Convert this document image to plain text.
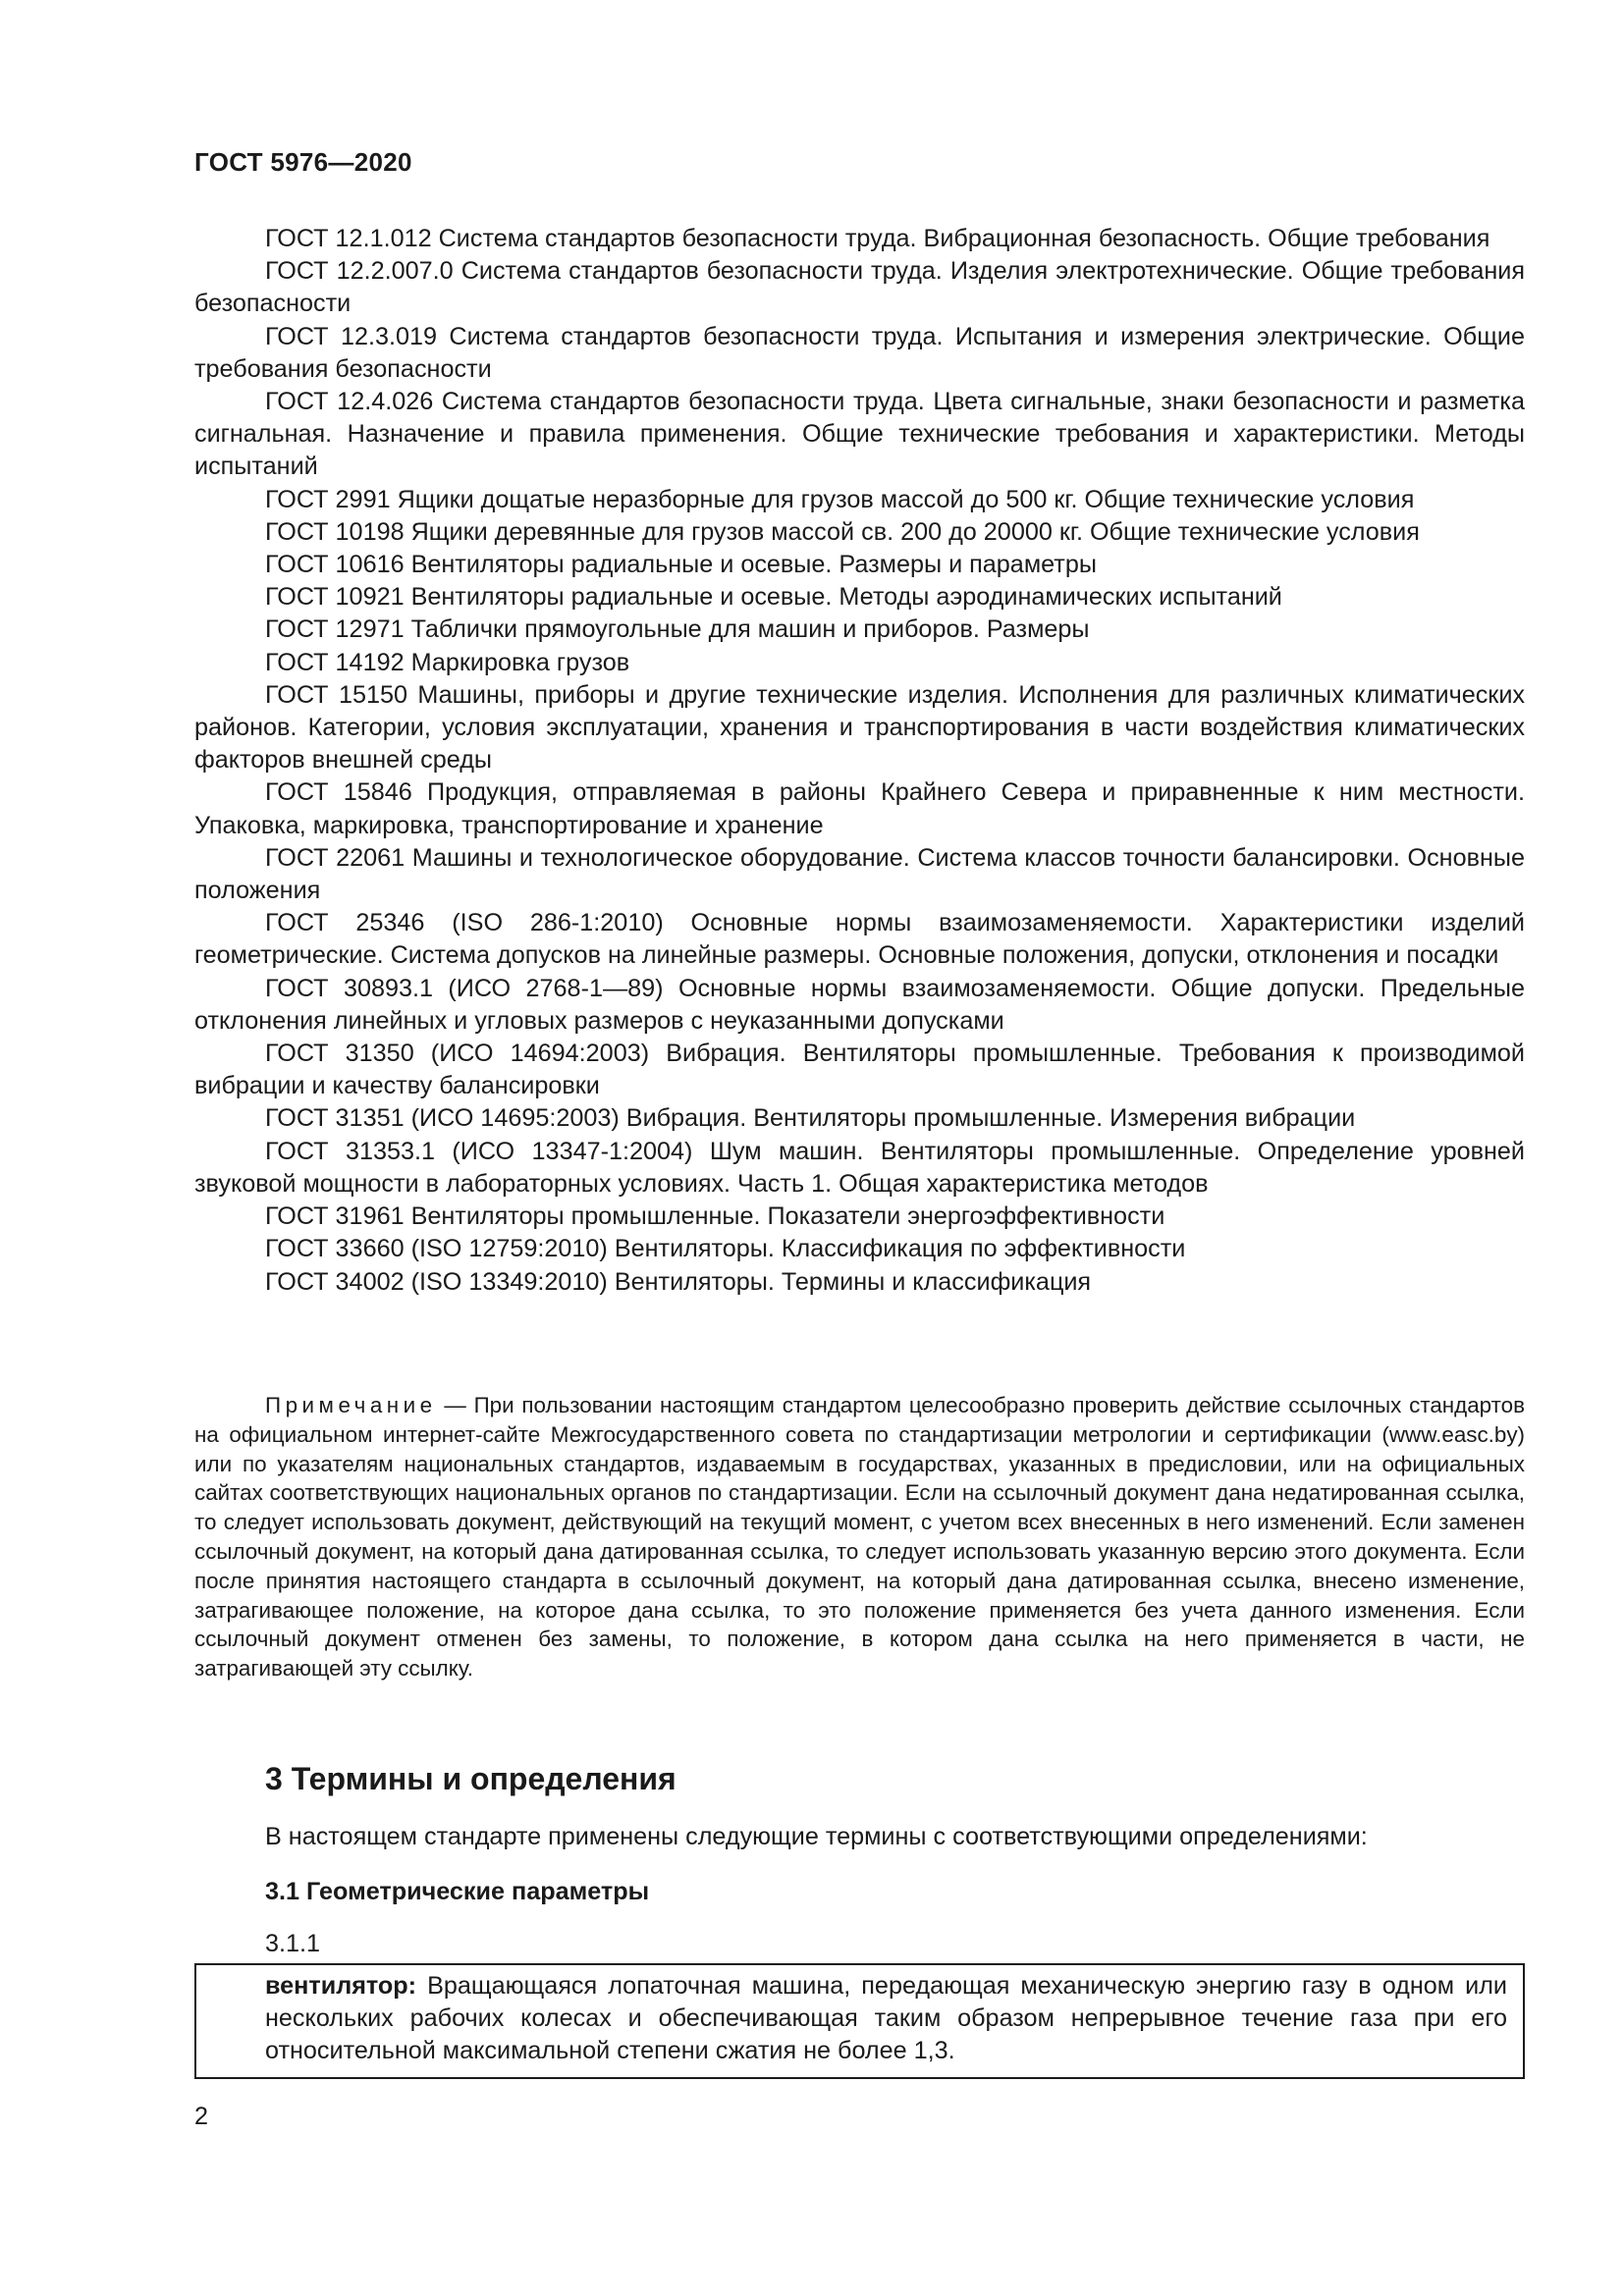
ГОСТ 5976—2020

ГОСТ 12.1.012 Система стандартов безопасности труда. Вибрационная безопасность. Общие требования

ГОСТ 12.2.007.0 Система стандартов безопасности труда. Изделия электротехнические. Общие требования безопасности

ГОСТ 12.3.019 Система стандартов безопасности труда. Испытания и измерения электрические. Общие требования безопасности

ГОСТ 12.4.026 Система стандартов безопасности труда. Цвета сигнальные, знаки безопасности и разметка сигнальная. Назначение и правила применения. Общие технические требования и характеристики. Методы испытаний

ГОСТ 2991 Ящики дощатые неразборные для грузов массой до 500 кг. Общие технические условия

ГОСТ 10198 Ящики деревянные для грузов массой св. 200 до 20000 кг. Общие технические условия

ГОСТ 10616 Вентиляторы радиальные и осевые. Размеры и параметры

ГОСТ 10921 Вентиляторы радиальные и осевые. Методы аэродинамических испытаний

ГОСТ 12971 Таблички прямоугольные для машин и приборов. Размеры

ГОСТ 14192 Маркировка грузов

ГОСТ 15150 Машины, приборы и другие технические изделия. Исполнения для различных климатических районов. Категории, условия эксплуатации, хранения и транспортирования в части воздействия климатических факторов внешней среды

ГОСТ 15846 Продукция, отправляемая в районы Крайнего Севера и приравненные к ним местности. Упаковка, маркировка, транспортирование и хранение

ГОСТ 22061 Машины и технологическое оборудование. Система классов точности балансировки. Основные положения

ГОСТ 25346 (ISO 286-1:2010) Основные нормы взаимозаменяемости. Характеристики изделий геометрические. Система допусков на линейные размеры. Основные положения, допуски, отклонения и посадки

ГОСТ 30893.1 (ИСО 2768-1—89) Основные нормы взаимозаменяемости. Общие допуски. Предельные отклонения линейных и угловых размеров с неуказанными допусками

ГОСТ 31350 (ИСО 14694:2003) Вибрация. Вентиляторы промышленные. Требования к производимой вибрации и качеству балансировки

ГОСТ 31351 (ИСО 14695:2003) Вибрация. Вентиляторы промышленные. Измерения вибрации

ГОСТ 31353.1 (ИСО 13347-1:2004) Шум машин. Вентиляторы промышленные. Определение уровней звуковой мощности в лабораторных условиях. Часть 1. Общая характеристика методов

ГОСТ 31961 Вентиляторы промышленные. Показатели энергоэффективности

ГОСТ 33660 (ISO 12759:2010) Вентиляторы. Классификация по эффективности

ГОСТ 34002 (ISO 13349:2010) Вентиляторы. Термины и классификация

Примечание — При пользовании настоящим стандартом целесообразно проверить действие ссылочных стандартов на официальном интернет-сайте Межгосударственного совета по стандартизации метрологии и сертификации (www.easc.by) или по указателям национальных стандартов, издаваемым в государствах, указанных в предисловии, или на официальных сайтах соответствующих национальных органов по стандартизации. Если на ссылочный документ дана недатированная ссылка, то следует использовать документ, действующий на текущий момент, с учетом всех внесенных в него изменений. Если заменен ссылочный документ, на который дана датированная ссылка, то следует использовать указанную версию этого документа. Если после принятия настоящего стандарта в ссылочный документ, на который дана датированная ссылка, внесено изменение, затрагивающее положение, на которое дана ссылка, то это положение применяется без учета данного изменения. Если ссылочный документ отменен без замены, то положение, в котором дана ссылка на него применяется в части, не затрагивающей эту ссылку.
3 Термины и определения
В настоящем стандарте применены следующие термины с соответствующими определениями:
3.1 Геометрические параметры
3.1.1
вентилятор: Вращающаяся лопаточная машина, передающая механическую энергию газу в одном или нескольких рабочих колесах и обеспечивающая таким образом непрерывное течение газа при его относительной максимальной степени сжатия не более 1,3.
2
